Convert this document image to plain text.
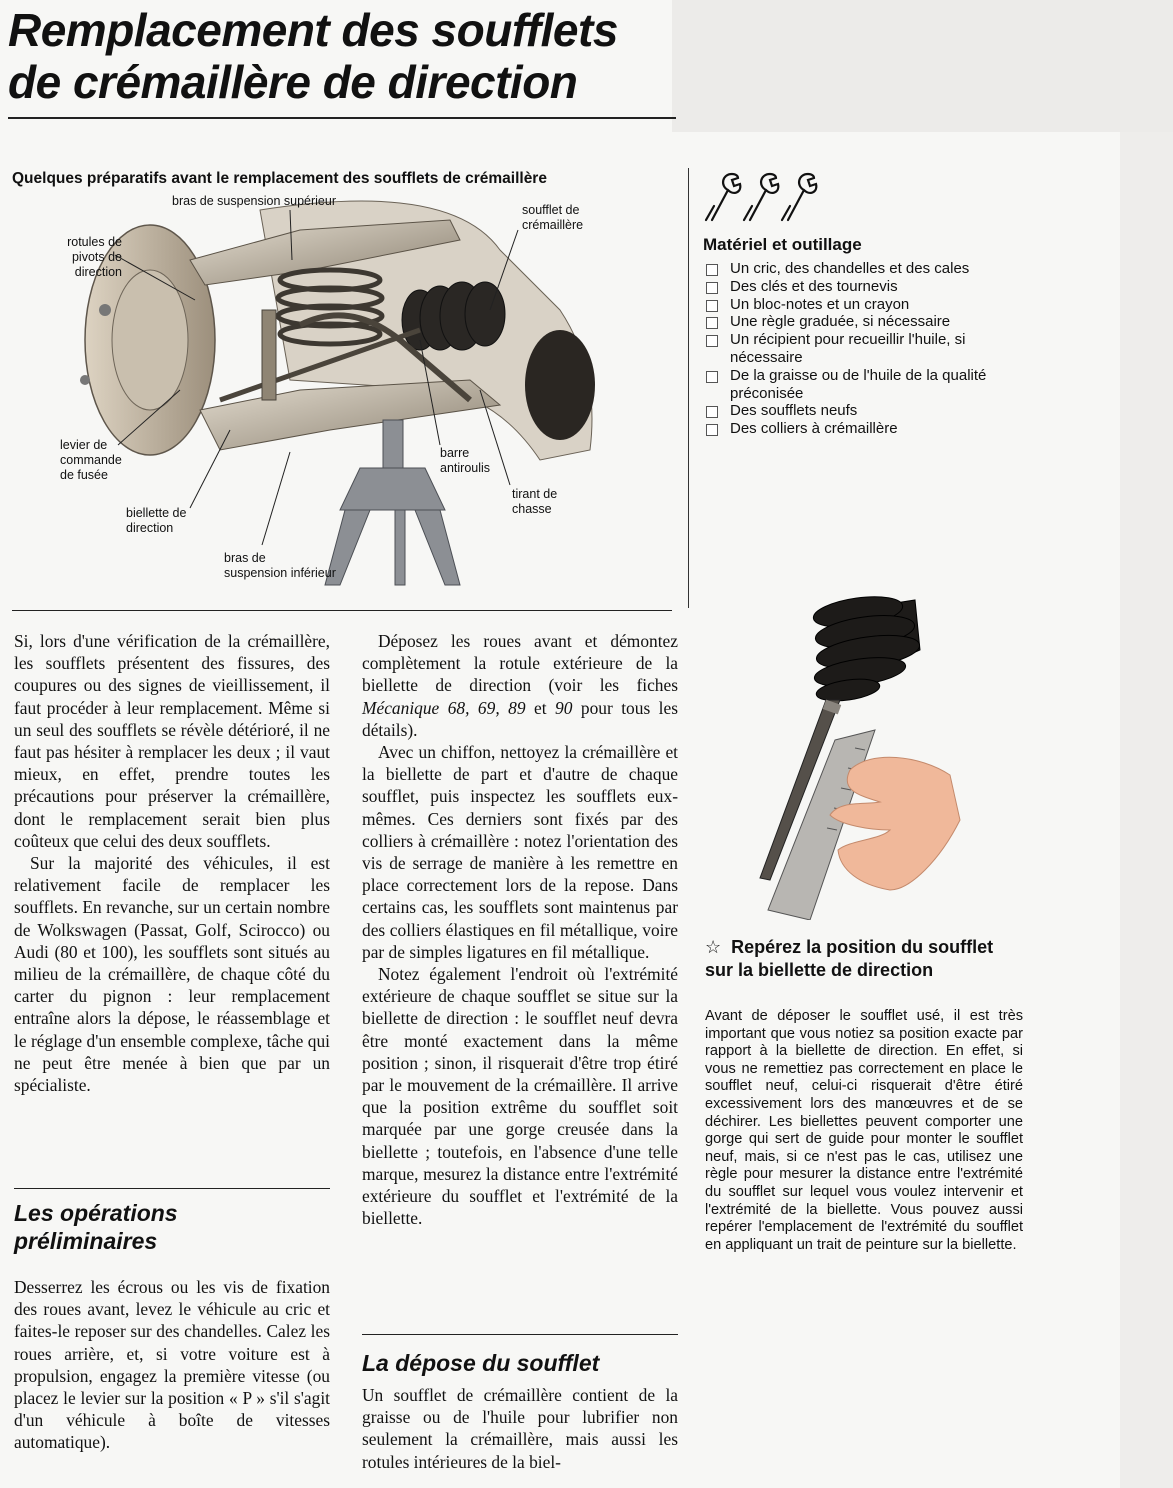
Remplacement des soufflets
de crémaillère de direction
Quelques préparatifs avant le remplacement des soufflets de crémaillère
bras de suspension supérieur
soufflet de
crémaillère
rotules de
pivots de
direction
levier de
commande
de fusée
barre
antiroulis
tirant de
chasse
biellette de
direction
bras de
suspension inférieur

Si, lors d'une vérification de la crémaillère, les soufflets présentent des fissures, des coupures ou des signes de vieillissement, il faut procéder à leur remplacement. Même si un seul des soufflets se révèle détérioré, il ne faut pas hésiter à remplacer les deux ; il vaut mieux, en effet, prendre toutes les précautions pour préserver la crémaillère, dont le remplacement serait bien plus coûteux que celui des deux soufflets.

Sur la majorité des véhicules, il est relativement facile de remplacer les soufflets. En revanche, sur un certain nombre de Wolkswagen (Passat, Golf, Scirocco) ou Audi (80 et 100), les soufflets sont situés au milieu de la crémaillère, de chaque côté du carter du pignon : leur remplacement entraîne alors la dépose, le réassemblage et le réglage d'un ensemble complexe, tâche qui ne peut être menée à bien que par un spécialiste.

Les opérations préliminaires

Desserrez les écrous ou les vis de fixation des roues avant, levez le véhicule au cric et faites-le reposer sur des chandelles. Calez les roues arrière, et, si votre voiture est à propulsion, engagez la première vitesse (ou placez le levier sur la position « P » s'il s'agit d'un véhicule à boîte de vitesses automatique).

Déposez les roues avant et démontez complètement la rotule extérieure de la biellette de direction (voir les fiches Mécanique 68, 69, 89 et 90 pour tous les détails).

Avec un chiffon, nettoyez la crémaillère et la biellette de part et d'autre de chaque soufflet, puis inspectez les soufflets eux-mêmes. Ces derniers sont fixés par des colliers à crémaillère : notez l'orientation des vis de serrage de manière à les remettre en place correctement lors de la repose. Dans certains cas, les soufflets sont maintenus par des colliers élastiques en fil métallique, voire par de simples ligatures en fil métallique.

Notez également l'endroit où l'extrémité extérieure de chaque soufflet se situe sur la biellette de direction : le soufflet neuf devra être monté exactement dans la même position ; sinon, il risquerait d'être trop étiré par le mouvement de la crémaillère. Il arrive que la position extrême du soufflet soit marquée par une gorge creusée dans la biellette ; toutefois, en l'absence d'une telle marque, mesurez la distance entre l'extrémité extérieure du soufflet et l'extrémité de la biellette.

La dépose du soufflet

Un soufflet de crémaillère contient de la graisse ou de l'huile pour lubrifier non seulement la crémaillère, mais aussi les rotules intérieures de la biel-

Matériel et outillage
Un cric, des chandelles et des cales
Des clés et des tournevis
Un bloc-notes et un crayon
Une règle graduée, si nécessaire
Un récipient pour recueillir l'huile, si nécessaire
De la graisse ou de l'huile de la qualité préconisée
Des soufflets neufs
Des colliers à crémaillère
☆ Repérez la position du soufflet sur la biellette de direction

Avant de déposer le soufflet usé, il est très important que vous notiez sa position exacte par rapport à la biellette de direction. En effet, si vous ne remettiez pas correctement en place le soufflet neuf, celui-ci risquerait d'être étiré excessivement lors des manœuvres et de se déchirer. Les biellettes peuvent comporter une gorge qui sert de guide pour monter le soufflet neuf, mais, si ce n'est pas le cas, utilisez une règle pour mesurer la distance entre l'extrémité du soufflet sur lequel vous voulez intervenir et l'extrémité de la biellette. Vous pouvez aussi repérer l'emplacement de l'extrémité du soufflet en appliquant un trait de peinture sur la biellette.
